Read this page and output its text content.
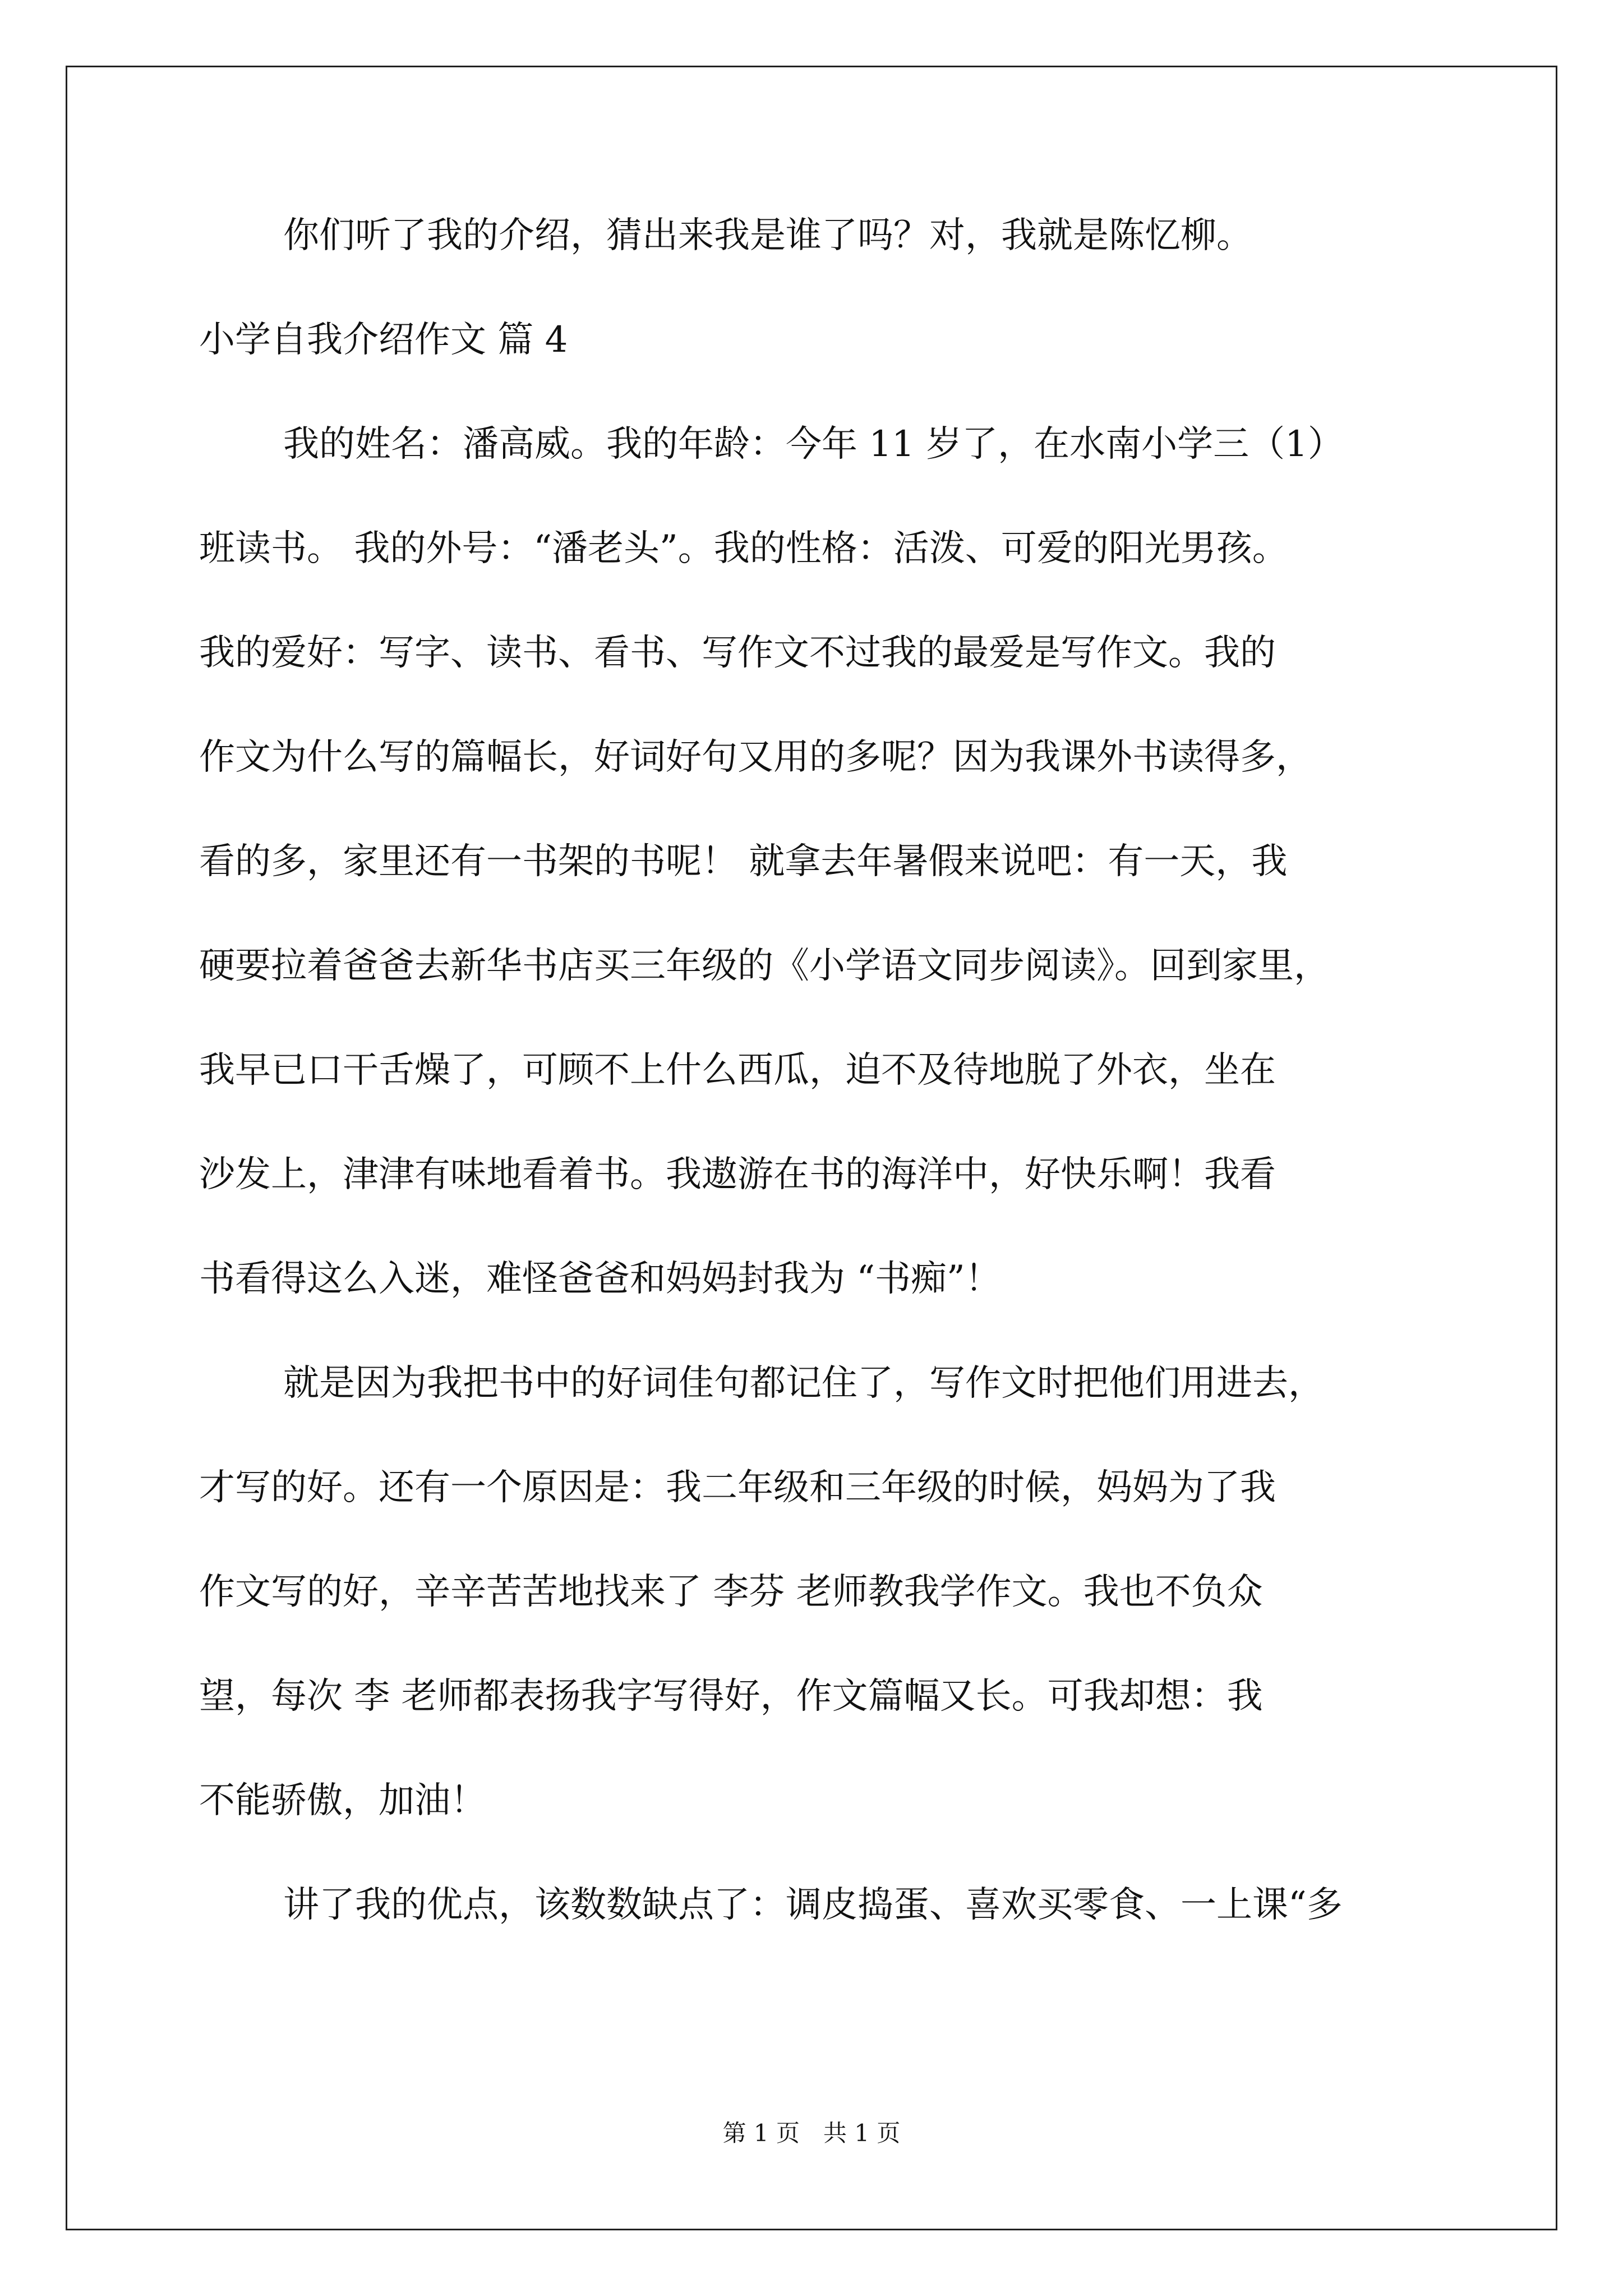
你们听了我的介绍，猜出来我是谁了吗？对，我就是陈忆柳。
小学自我介绍作文 篇 4
我的姓名：潘高威。我的年龄：今年 11 岁了，在水南小学三（1）
班读书。 我的外号：“潘老头”。我的性格：活泼、可爱的阳光男孩。
我的爱好：写字、读书、看书、写作文不过我的最爱是写作文。我的
作文为什么写的篇幅长，好词好句又用的多呢？因为我课外书读得多，
看的多，家里还有一书架的书呢！ 就拿去年暑假来说吧：有一天，我
硬要拉着爸爸去新华书店买三年级的《小学语文同步阅读》。回到家里，
我早已口干舌燥了，可顾不上什么西瓜，迫不及待地脱了外衣，坐在
沙发上，津津有味地看着书。我遨游在书的海洋中，好快乐啊！我看
书看得这么入迷，难怪爸爸和妈妈封我为 “书痴”！
就是因为我把书中的好词佳句都记住了，写作文时把他们用进去，
才写的好。还有一个原因是：我二年级和三年级的时候，妈妈为了我
作文写的好，辛辛苦苦地找来了 李芬 老师教我学作文。我也不负众
望，每次 李 老师都表扬我字写得好，作文篇幅又长。可我却想：我
不能骄傲，加油！
讲了我的优点，该数数缺点了：调皮捣蛋、喜欢买零食、一上课“多
第 1 页　共 1 页
